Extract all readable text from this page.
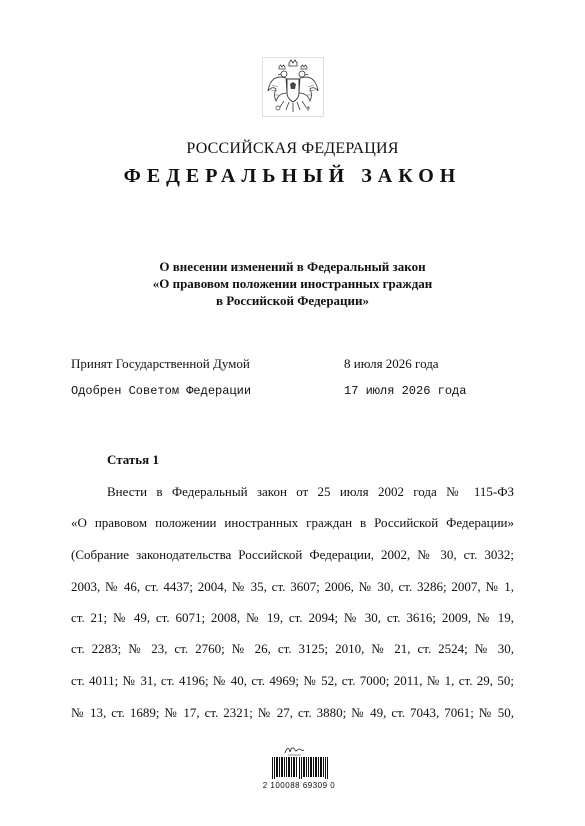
РОССИЙСКАЯ ФЕДЕРАЦИЯ
ФЕДЕРАЛЬНЫЙ ЗАКОН
О внесении изменений в Федеральный закон
«О правовом положении иностранных граждан
в Российской Федерации»
Принят Государственной Думой	8 июля 2026 года
Одобрен Советом Федерации	17 июля 2026 года
Статья 1
Внести в Федеральный закон от 25 июля 2002 года № 115-ФЗ
«О правовом положении иностранных граждан в Российской Федерации»
(Собрание законодательства Российской Федерации, 2002, № 30, ст. 3032;
2003, № 46, ст. 4437; 2004, № 35, ст. 3607; 2006, № 30, ст. 3286; 2007, № 1,
ст. 21; № 49, ст. 6071; 2008, № 19, ст. 2094; № 30, ст. 3616; 2009, № 19,
ст. 2283; № 23, ст. 2760; № 26, ст. 3125; 2010, № 21, ст. 2524; № 30,
ст. 4011; № 31, ст. 4196; № 40, ст. 4969; № 52, ст. 7000; 2011, № 1, ст. 29, 50;
№ 13, ст. 1689; № 17, ст. 2321; № 27, ст. 3880; № 49, ст. 7043, 7061; № 50,
2 100088 69309 0
